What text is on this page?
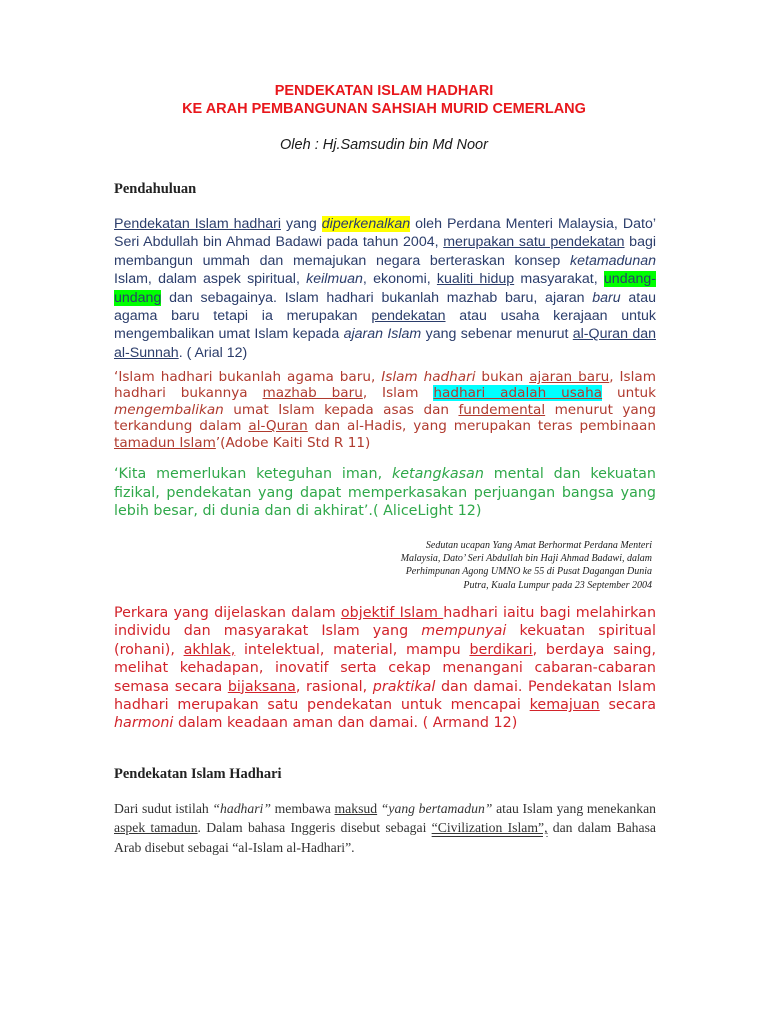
PENDEKATAN ISLAM HADHARI
KE ARAH PEMBANGUNAN SAHSIAH MURID CEMERLANG
Oleh : Hj.Samsudin bin Md Noor
Pendahuluan
Pendekatan Islam hadhari yang diperkenalkan oleh Perdana Menteri Malaysia, Dato’ Seri Abdullah bin Ahmad Badawi pada tahun 2004, merupakan satu pendekatan bagi membangun ummah dan memajukan negara berteraskan konsep ketamadunan Islam, dalam aspek spiritual, keilmuan, ekonomi, kualiti hidup masyarakat, undang-undang dan sebagainya. Islam hadhari bukanlah mazhab baru, ajaran baru atau agama baru tetapi ia merupakan pendekatan atau usaha kerajaan untuk mengembalikan umat Islam kepada ajaran Islam yang sebenar menurut al-Quran dan al-Sunnah. ( Arial 12)
‘Islam hadhari bukanlah agama baru, Islam hadhari bukan ajaran baru, Islam hadhari bukannya mazhab baru, Islam hadhari adalah usaha untuk mengembalikan umat Islam kepada asas dan fundemental menurut yang terkandung dalam al-Quran dan al-Hadis, yang merupakan teras pembinaan tamadun Islam’(Adobe Kaiti Std R 11)
‘Kita memerlukan keteguhan iman, ketangkasan mental dan kekuatan fizikal, pendekatan yang dapat memperkasakan perjuangan bangsa yang lebih besar, di dunia dan di akhirat’.( AliceLight 12)
Sedutan ucapan Yang Amat Berhormat Perdana Menteri
Malaysia, Dato’ Seri Abdullah bin Haji Ahmad Badawi, dalam
Perhimpunan Agong UMNO ke 55 di Pusat Dagangan Dunia
Putra, Kuala Lumpur pada 23 September 2004
Perkara yang dijelaskan dalam objektif Islam hadhari iaitu bagi melahirkan individu dan masyarakat Islam yang mempunyai kekuatan spiritual (rohani), akhlak, intelektual, material, mampu berdikari, berdaya saing, melihat kehadapan, inovatif serta cekap menangani cabaran-cabaran semasa secara bijaksana, rasional, praktikal dan damai. Pendekatan Islam hadhari merupakan satu pendekatan untuk mencapai kemajuan secara harmoni dalam keadaan aman dan damai. ( Armand 12)
Pendekatan Islam Hadhari
Dari sudut istilah “hadhari” membawa maksud “yang bertamadun” atau Islam yang menekankan aspek tamadun. Dalam bahasa Inggeris disebut sebagai “Civilization Islam”, dan dalam Bahasa Arab disebut sebagai “al-Islam al-Hadhari”.
